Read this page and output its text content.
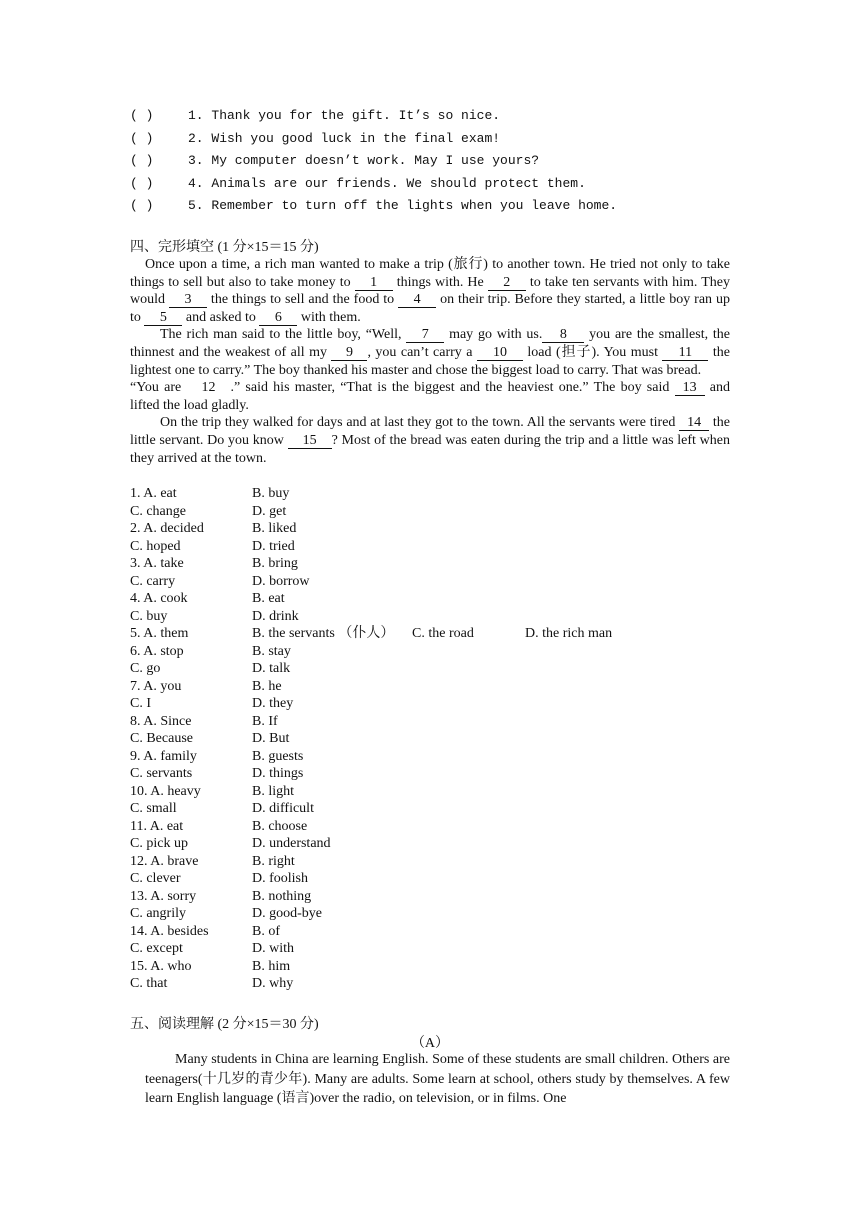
( )	1. Thank you for the gift. It’s so nice.
( )	2. Wish you good luck in the final exam!
( )	3. My computer doesn’t work. May I use yours?
( )	4. Animals are our friends. We should protect them.
( )	5. Remember to turn off the lights when you leave home.
四、完形填空 (1 分×15＝15 分)

Once upon a time, a rich man wanted to make a trip (旅行) to another town. He tried not only to take things to sell but also to take money to 1 things with. He 2 to take ten servants with him. They would 3 the things to sell and the food to 4 on their trip. Before they started, a little boy ran up to 5 and asked to 6 with them.

The rich man said to the little boy, “Well, 7 may go with us. 8 you are the smallest, the thinnest and the weakest of all my 9 , you can’t carry a 10 load (担子). You must 11 the lightest one to carry.” The boy thanked his master and chose the biggest load to carry. That was bread.

“You are 12 .” said his master, “That is the biggest and the heaviest one.” The boy said 13 and lifted the load gladly.

On the trip they walked for days and at last they got to the town. All the servants were tired 14 the little servant. Do you know 15 ? Most of the bread was eaten during the trip and a little was left when they arrived at the town.

1. A. eat	B. buy
C. change	D. get
2. A. decided	B. liked
C. hoped	D. tried
3. A. take	B. bring
C. carry	D. borrow
4. A. cook	B. eat
C. buy	D. drink
5. A. them	B. the servants （仆人） C. the road	D. the rich man
6. A. stop	B. stay
C. go	D. talk
7. A. you	B. he
C. I	D. they
8. A. Since	B. If
C. Because	D. But
9. A. family	B. guests
C. servants	D. things
10. A. heavy	B. light
C. small	D. difficult
11. A. eat	B. choose
C. pick up	D. understand
12. A. brave	B. right
C. clever	D. foolish
13. A. sorry	B. nothing
C. angrily	D. good-bye
14. A. besides	B. of
C. except	D. with
15. A. who	B. him
C. that	D. why
五、阅读理解 (2 分×15＝30 分)
（A）

Many students in China are learning English. Some of these students are small children. Others are teenagers(十几岁的青少年). Many are adults. Some learn at school, others study by themselves. A few learn English language (语言)over the radio, on television, or in films. One
